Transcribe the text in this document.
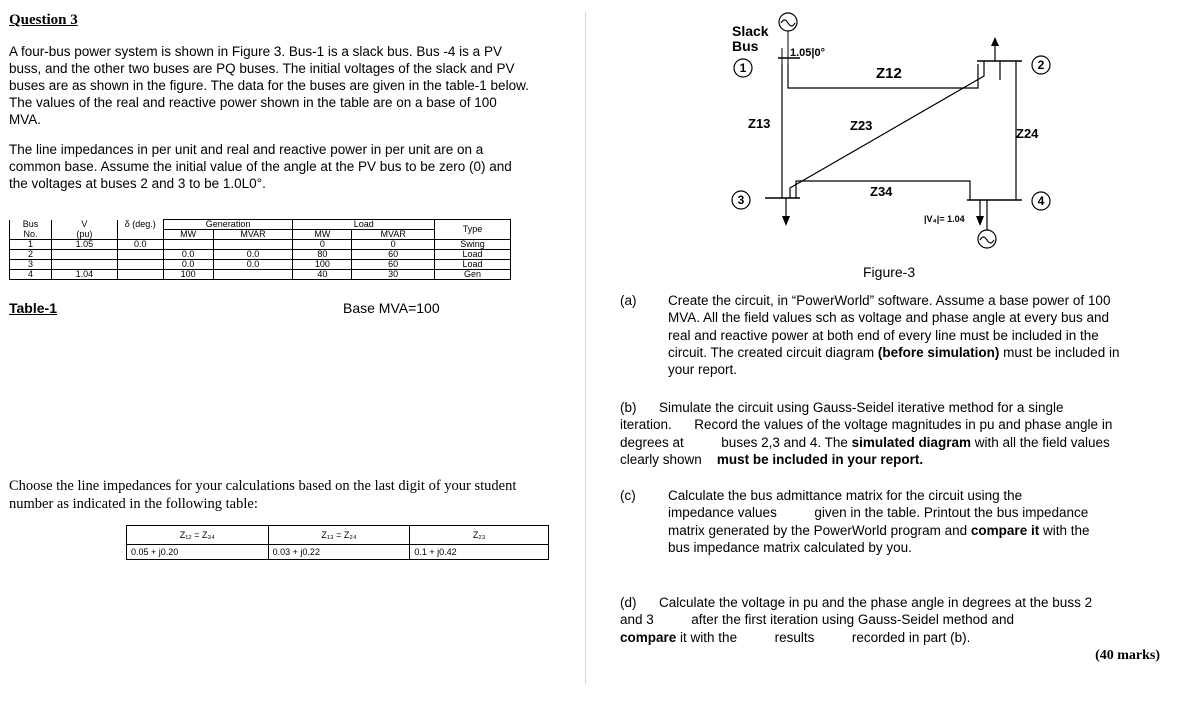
Question 3
A four-bus power system is shown in Figure 3. Bus-1 is a slack bus. Bus -4 is a PV buss, and the other two buses are PQ buses. The initial voltages of the slack and PV buses are as shown in the figure. The data for the buses are given in the table-1 below. The values of the real and reactive power shown in the table are on a base of 100 MVA.
The line impedances in per unit and real and reactive power in per unit are on a common base. Assume the initial value of the angle at the PV bus to be zero (0) and the voltages at buses 2 and 3 to be 1.0L0°.
Bus	V	δ (deg.)	Generation		Load		Type
No.	(pu)		MW	MVAR	MW	MVAR	
1	1.05	0.0			0	0	Swing
2			0.0	0.0	80	60	Load
3			0.0	0.0	100	60	Load
4	1.04		100		40	30	Gen
Table-1	Base MVA=100
Choose the line impedances for your calculations based on the last digit of your student number as indicated in the following table:
Z₁₂ = Z₃₄	Z₁₃ = Z₂₄	Z₂₃
0.05 + j0.20	0.03 + j0.22	0.1 + j0.42
1	2
3	4
Slack
Bus	1.05|0°
Z12
Z13	Z23
Z24
Z34
|V₄|= 1.04
Figure-3
(a) Create the circuit, in “PowerWorld” software. Assume a base power of 100 MVA. All the field values sch as voltage and phase angle at every bus and real and reactive power at both end of every line must be included in the circuit. The created circuit diagram (before simulation) must be included in your report.
(b) Simulate the circuit using Gauss-Seidel iterative method for a single iteration.      Record the values of the voltage magnitudes in pu and phase angle in degrees at          buses 2,3 and 4. The simulated diagram with all the field values clearly shown must be included in your report.
(c) Calculate the bus admittance matrix for the circuit using the impedance values          given in the table. Printout the bus impedance matrix generated by the PowerWorld program and compare it with the bus impedance matrix calculated by you.
(d) Calculate the voltage in pu and the phase angle in degrees at the buss 2 and 3          after the first iteration using Gauss-Seidel method and
compare it with the          results          recorded in part (b).
(40 marks)
